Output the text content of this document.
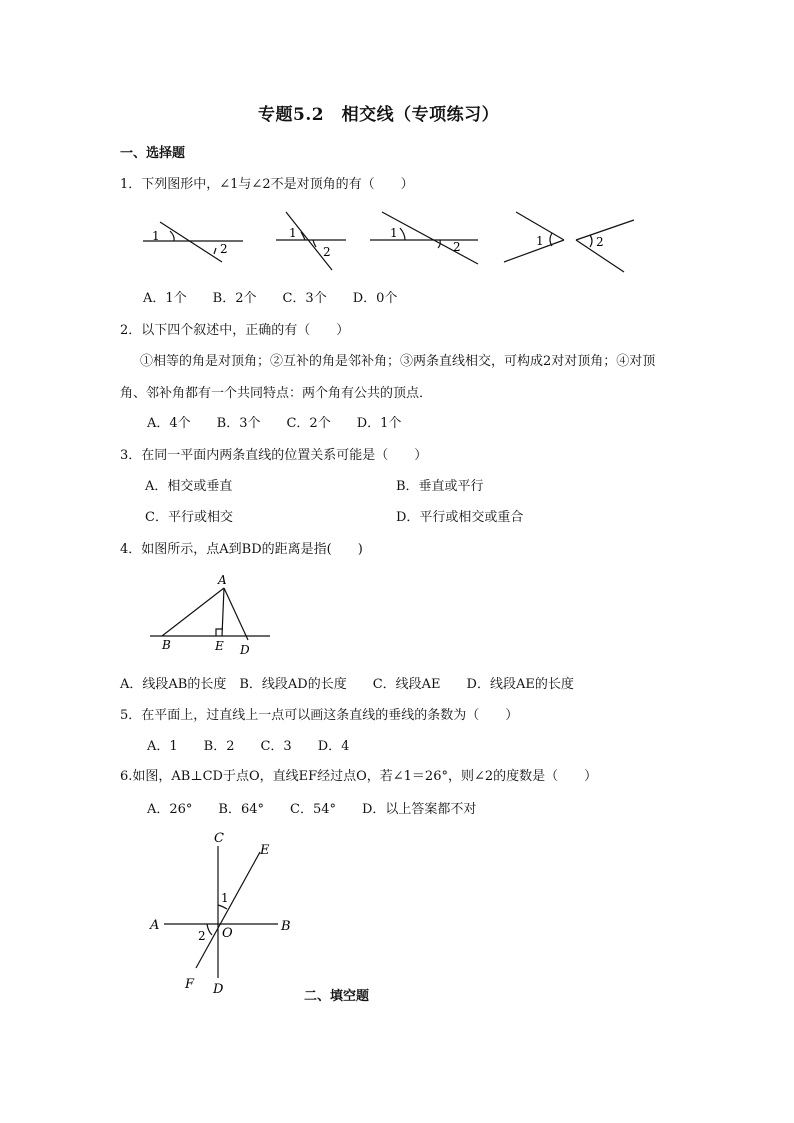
专题5.2　相交线（专项练习）
一、选择题
1．下列图形中，∠1与∠2不是对顶角的有（　　）
1
2
1
2
1
2	1	2
A．1个　　B．2个　　C．3个　　D．0个
2．以下四个叙述中，正确的有（　　）
①相等的角是对顶角；②互补的角是邻补角；③两条直线相交，可构成2对对顶角；④对顶
角、邻补角都有一个共同特点：两个角有公共的顶点．
A．4个　　B．3个　　C．2个　　D．1个
3．在同一平面内两条直线的位置关系可能是（　　）
A．相交或垂直	B．垂直或平行
C．平行或相交	D．平行或相交或重合
4．如图所示，点A到BD的距离是指(　　)
A
B	E D
A．线段AB的长度　B．线段AD的长度　　C．线段AE　　D．线段AE的长度
5．在平面上，过直线上一点可以画这条直线的垂线的条数为（　　）
A．1　　B．2　　C．3　　D．4
6.如图，AB⊥CD于点O，直线EF经过点O，若∠1＝26°，则∠2的度数是（　　）
A．26°　　B．64°　　C．54°　　D．以上答案都不对
C
E
A	B
O
F D
1
2
二、填空题
